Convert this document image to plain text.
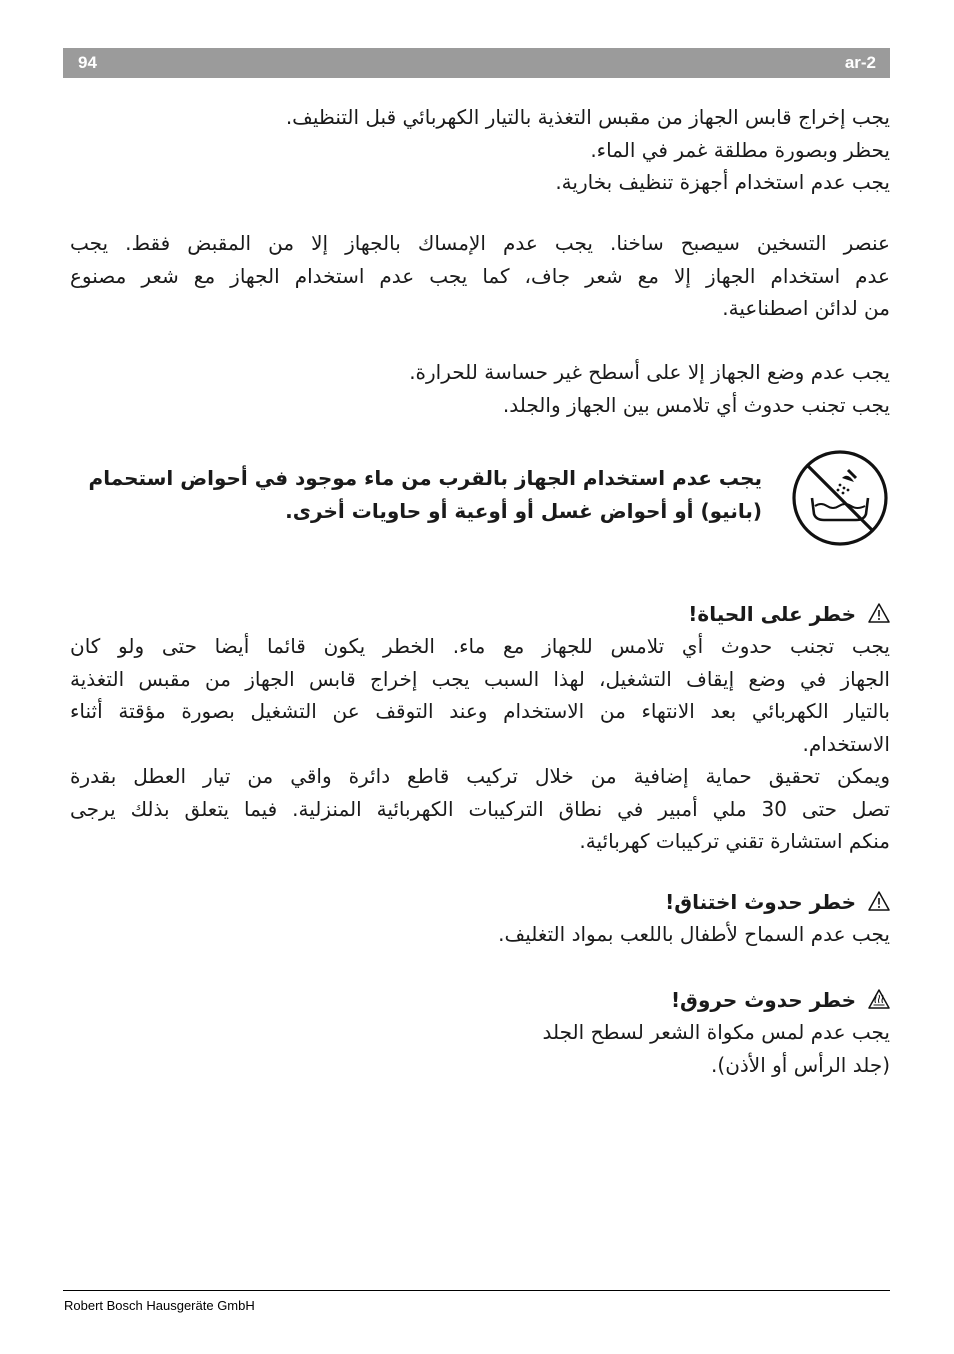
94	ar-2

يجب إخراج قابس الجهاز من مقبس التغذية بالتيار الكهربائي قبل التنظيف.
يحظر وبصورة مطلقة غمر في الماء.
يجب عدم استخدام أجهزة تنظيف بخارية.

عنصر التسخين سيصبح ساخنا. يجب عدم الإمساك بالجهاز إلا من المقبض فقط. يجب
عدم استخدام الجهاز إلا مع شعر جاف، كما يجب عدم استخدام الجهاز مع شعر مصنوع
من لدائن اصطناعية.

يجب عدم وضع الجهاز إلا على أسطح غير حساسة للحرارة.
يجب تجنب حدوث أي تلامس بين الجهاز والجلد.

يجب عدم استخدام الجهاز بالقرب من ماء موجود في أحواض استحمام
(بانيو) أو أحواض غسل أو أوعية أو حاويات أخرى.
خطر على الحياة!

يجب تجنب حدوث أي تلامس للجهاز مع ماء. الخطر يكون قائما أيضا حتى ولو كان
الجهاز في وضع إيقاف التشغيل، لهذا السبب يجب إخراج قابس الجهاز من مقبس التغذية
بالتيار الكهربائي بعد الانتهاء من الاستخدام وعند التوقف عن التشغيل بصورة مؤقتة أثناء
الاستخدام.
ويمكن تحقيق حماية إضافية من خلال تركيب قاطع دائرة واقي من تيار العطل بقدرة
تصل حتى 30 ملي أمبير في نطاق التركيبات الكهربائية المنزلية. فيما يتعلق بذلك يرجى
منكم استشارة تقني تركيبات كهربائية.

خطر حدوث اختناق!

يجب عدم السماح لأطفال باللعب بمواد التغليف.

خطر حدوث حروق!

يجب عدم لمس مكواة الشعر لسطح الجلد
(جلد الرأس أو الأذن).

Robert Bosch Hausgeräte GmbH
